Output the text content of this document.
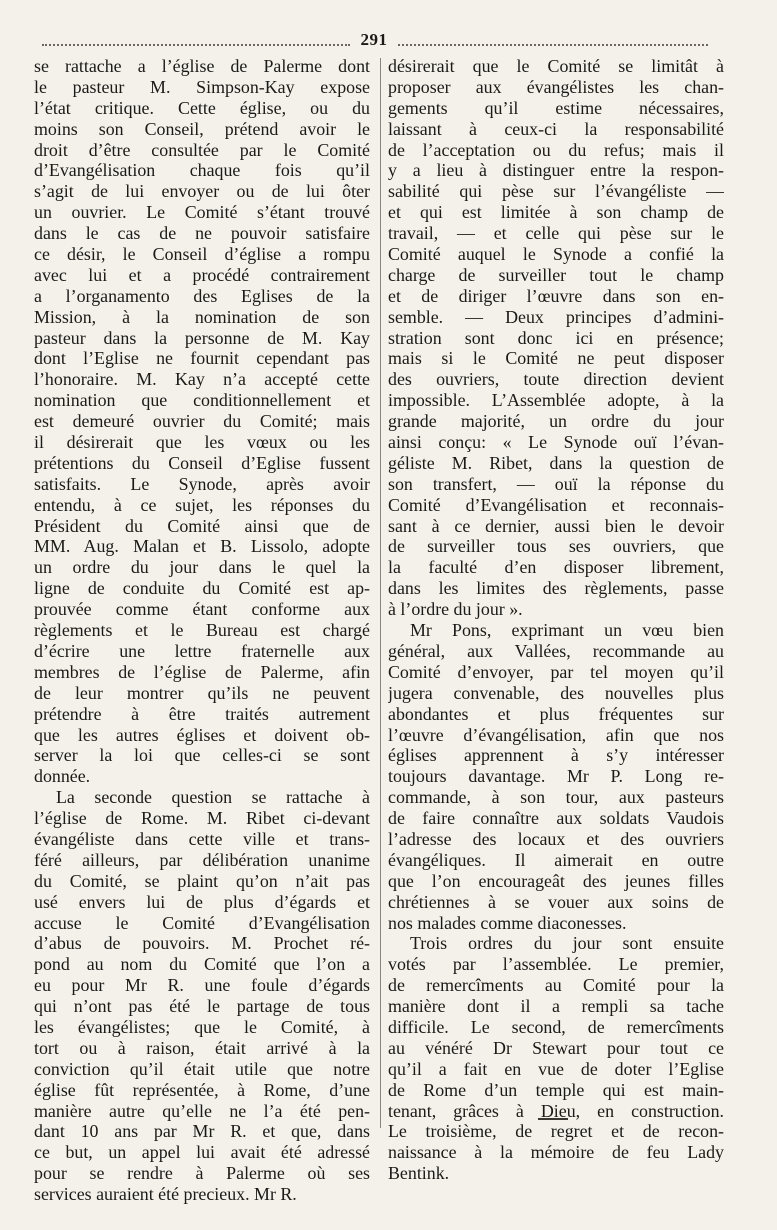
291
se rattache a l’église de Palerme dont
le pasteur M. Simpson-Kay expose
l’état critique. Cette église, ou du
moins son Conseil, prétend avoir le
droit d’être consultée par le Comité
d’Evangélisation chaque fois qu’il
s’agit de lui envoyer ou de lui ôter
un ouvrier. Le Comité s’étant trouvé
dans le cas de ne pouvoir satisfaire
ce désir, le Conseil d’église a rompu
avec lui et a procédé contrairement
a l’organamento des Eglises de la
Mission, à la nomination de son
pasteur dans la personne de M. Kay
dont l’Eglise ne fournit cependant pas
l’honoraire. M. Kay n’a accepté cette
nomination que conditionnellement et
est demeuré ouvrier du Comité; mais
il désirerait que les vœux ou les
prétentions du Conseil d’Eglise fussent
satisfaits. Le Synode, après avoir
entendu, à ce sujet, les réponses du
Président du Comité ainsi que de
MM. Aug. Malan et B. Lissolo, adopte
un ordre du jour dans le quel la
ligne de conduite du Comité est ap-
prouvée comme étant conforme aux
règlements et le Bureau est chargé
d’écrire une lettre fraternelle aux
membres de l’église de Palerme, afin
de leur montrer qu’ils ne peuvent
prétendre à être traités autrement
que les autres églises et doivent ob-
server la loi que celles-ci se sont
donnée.
La seconde question se rattache à
l’église de Rome. M. Ribet ci-devant
évangéliste dans cette ville et trans-
féré ailleurs, par délibération unanime
du Comité, se plaint qu’on n’ait pas
usé envers lui de plus d’égards et
accuse le Comité d’Evangélisation
d’abus de pouvoirs. M. Prochet ré-
pond au nom du Comité que l’on a
eu pour Mr R. une foule d’égards
qui n’ont pas été le partage de tous
les évangélistes; que le Comité, à
tort ou à raison, était arrivé à la
conviction qu’il était utile que notre
église fût représentée, à Rome, d’une
manière autre qu’elle ne l’a été pen-
dant 10 ans par Mr R. et que, dans
ce but, un appel lui avait été adressé
pour se rendre à Palerme où ses
services auraient été precieux. Mr R.
désirerait que le Comité se limitât à
proposer aux évangélistes les chan-
gements qu’il estime nécessaires,
laissant à ceux-ci la responsabilité
de l’acceptation ou du refus; mais il
y a lieu à distinguer entre la respon-
sabilité qui pèse sur l’évangéliste —
et qui est limitée à son champ de
travail, — et celle qui pèse sur le
Comité auquel le Synode a confié la
charge de surveiller tout le champ
et de diriger l’œuvre dans son en-
semble. — Deux principes d’admini-
stration sont donc ici en présence;
mais si le Comité ne peut disposer
des ouvriers, toute direction devient
impossible. L’Assemblée adopte, à la
grande majorité, un ordre du jour
ainsi conçu: « Le Synode ouï l’évan-
géliste M. Ribet, dans la question de
son transfert, — ouï la réponse du
Comité d’Evangélisation et reconnais-
sant à ce dernier, aussi bien le devoir
de surveiller tous ses ouvriers, que
la faculté d’en disposer librement,
dans les limites des règlements, passe
à l’ordre du jour ».
Mr Pons, exprimant un vœu bien
général, aux Vallées, recommande au
Comité d’envoyer, par tel moyen qu’il
jugera convenable, des nouvelles plus
abondantes et plus fréquentes sur
l’œuvre d’évangélisation, afin que nos
églises apprennent à s’y intéresser
toujours davantage. Mr P. Long re-
commande, à son tour, aux pasteurs
de faire connaître aux soldats Vaudois
l’adresse des locaux et des ouvriers
évangéliques. Il aimerait en outre
que l’on encourageât des jeunes filles
chrétiennes à se vouer aux soins de
nos malades comme diaconesses.
Trois ordres du jour sont ensuite
votés par l’assemblée. Le premier,
de remercîments au Comité pour la
manière dont il a rempli sa tache
difficile. Le second, de remercîments
au vénéré Dr Stewart pour tout ce
qu’il a fait en vue de doter l’Eglise
de Rome d’un temple qui est main-
tenant, grâces à Dieu, en construction.
Le troisième, de regret et de recon-
naissance à la mémoire de feu Lady
Bentink.
